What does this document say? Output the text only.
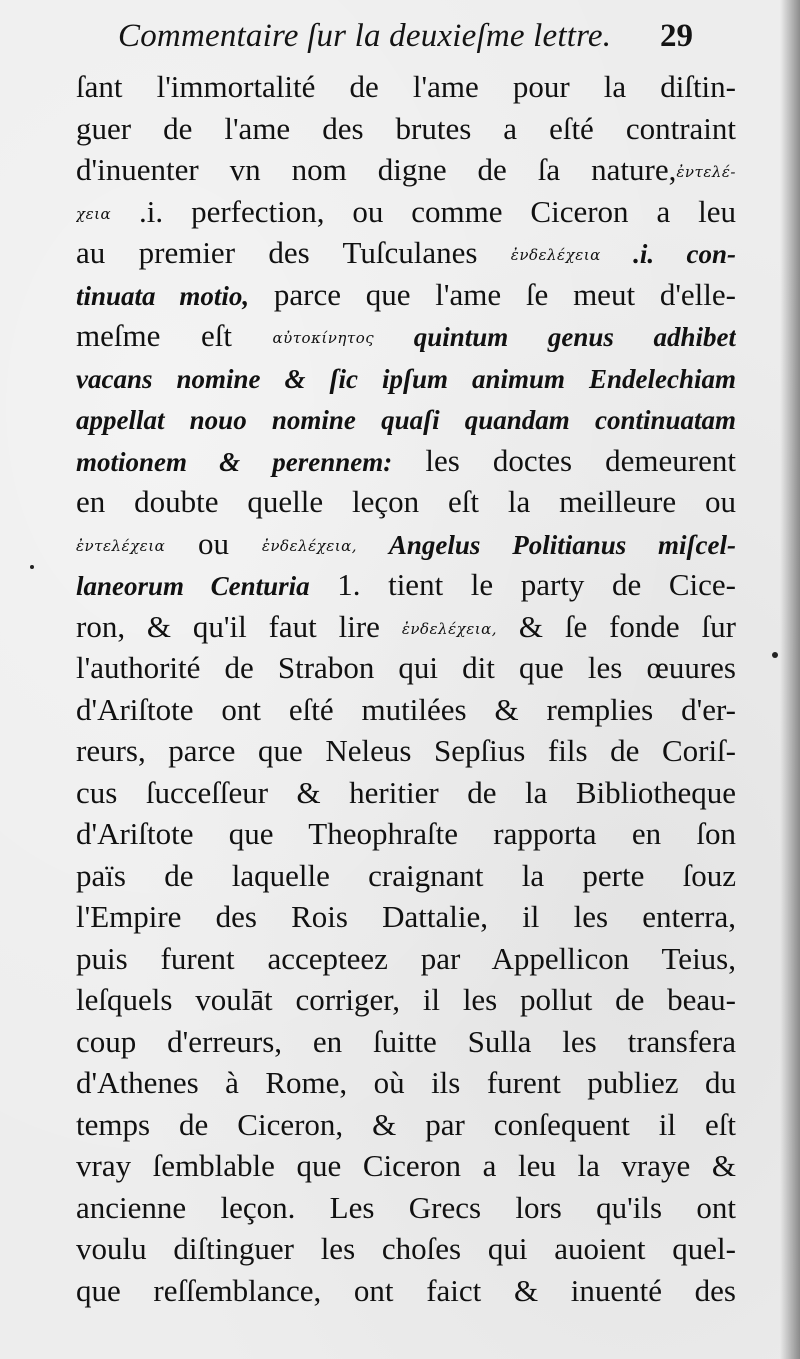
Commentaire ſur la deuxieſme lettre. 29
ſant l'immortalité de l'ame pour la diſtin-
guer de l'ame des brutes a eſté contraint
d'inuenter vn nom digne de ſa nature,ἐντελέ-
χεια .i. perfection, ou comme Ciceron a leu
au premier des Tuſculanes ἐνδελέχεια .i. con-
tinuata motio, parce que l'ame ſe meut d'elle-
meſme eſt αὐτοκίνητος quintum genus adhibet
vacans nomine & ſic ipſum animum Endelechiam
appellat nouo nomine quaſi quandam continuatam
motionem & perennem: les doctes demeurent
en doubte quelle leçon eſt la meilleure ou
ἐντελέχεια ou ἐνδελέχεια, Angelus Politianus miſcel-
laneorum Centuria 1. tient le party de Cice-
ron, & qu'il faut lire ἐνδελέχεια, & ſe fonde ſur
l'authorité de Strabon qui dit que les œuures
d'Ariſtote ont eſté mutilées & remplies d'er-
reurs, parce que Neleus Sepſius fils de Coriſ-
cus ſucceſſeur & heritier de la Bibliotheque
d'Ariſtote que Theophraſte rapporta en ſon
païs de laquelle craignant la perte ſouz
l'Empire des Rois Dattalie, il les enterra,
puis furent accepteez par Appellicon Teius,
leſquels voulāt corriger, il les pollut de beau-
coup d'erreurs, en ſuitte Sulla les transfera
d'Athenes à Rome, où ils furent publiez du
temps de Ciceron, & par conſequent il eſt
vray ſemblable que Ciceron a leu la vraye &
ancienne leçon. Les Grecs lors qu'ils ont
voulu diſtinguer les choſes qui auoient quel-
que reſſemblance, ont faict & inuenté des
